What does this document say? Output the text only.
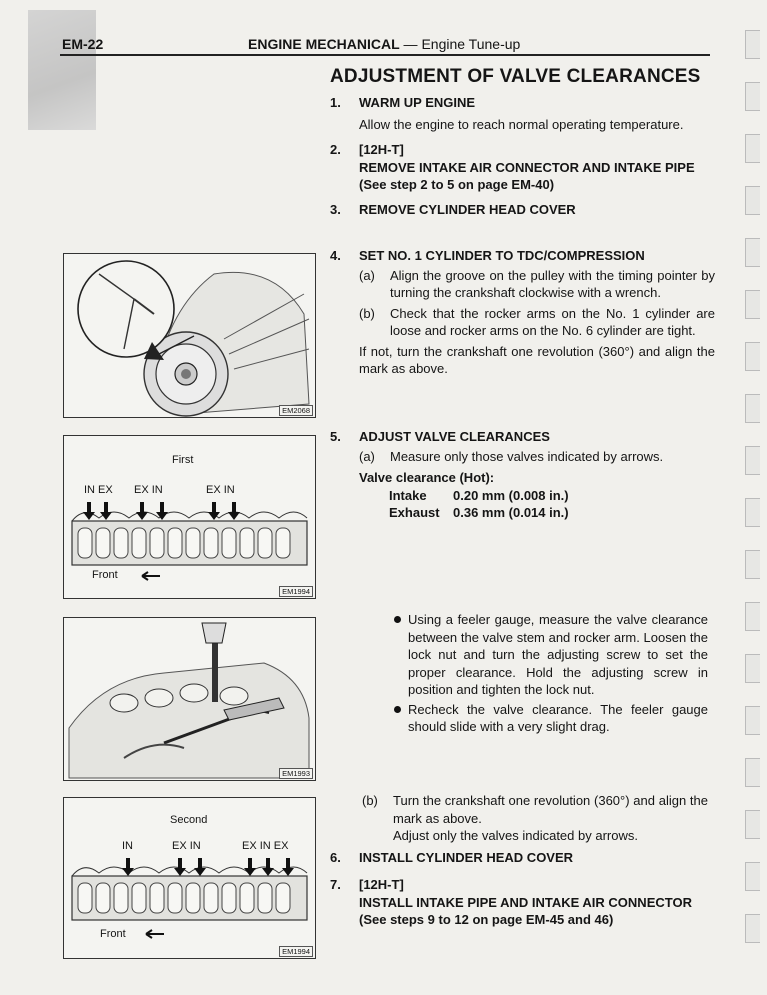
EM-22	ENGINE MECHANICAL — Engine Tune-up
ADJUSTMENT OF VALVE CLEARANCES
1. WARM UP ENGINE
Allow the engine to reach normal operating temperature.
2. [12H-T]
REMOVE INTAKE AIR CONNECTOR AND INTAKE PIPE
(See step 2 to 5 on page EM-40)
3. REMOVE CYLINDER HEAD COVER
4. SET NO. 1 CYLINDER TO TDC/COMPRESSION
(a) Align the groove on the pulley with the timing pointer by turning the crankshaft clockwise with a wrench.
(b) Check that the rocker arms on the No. 1 cylinder are loose and rocker arms on the No. 6 cylinder are tight.
If not, turn the crankshaft one revolution (360°) and align the mark as above.
5. ADJUST VALVE CLEARANCES
(a) Measure only those valves indicated by arrows.
Valve clearance (Hot):
Intake	0.20 mm (0.008 in.)
Exhaust	0.36 mm (0.014 in.)
Using a feeler gauge, measure the valve clearance between the valve stem and rocker arm. Loosen the lock nut and turn the adjusting screw to set the proper clearance. Hold the adjusting screw in position and tighten the lock nut.
Recheck the valve clearance. The feeler gauge should slide with a very slight drag.
(b) Turn the crankshaft one revolution (360°) and align the mark as above.
Adjust only the valves indicated by arrows.
6. INSTALL CYLINDER HEAD COVER
7. [12H-T]
INSTALL INTAKE PIPE AND INTAKE AIR CONNECTOR
(See steps 9 to 12 on page EM-45 and 46)
EM2068
First
IN EX EX IN	EX IN
Front
EM1994
EM1993
Second
IN	EX IN	EX IN EX
Front
EM1994
